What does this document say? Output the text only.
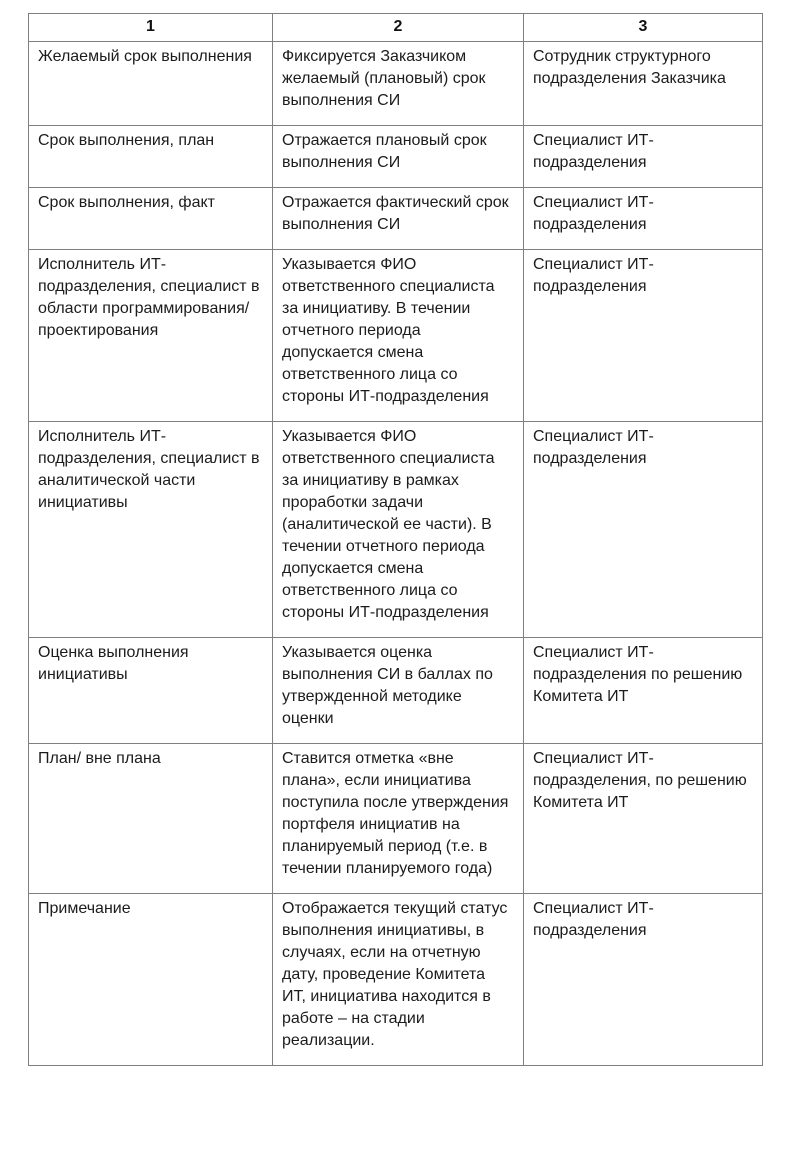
1	2	3
Желаемый срок выполнения	Фиксируется Заказчиком желаемый (плановый) срок выполнения СИ	Сотрудник структурного подразделения Заказчика
Срок выполнения, план	Отражается плановый срок выполнения СИ	Специалист ИТ-подразделения
Срок выполнения, факт	Отражается фактический срок выполнения СИ	Специалист ИТ-подразделения
Исполнитель ИТ-подразделения, специалист в области программирования/ проектирования	Указывается ФИО ответственного специалиста за инициативу. В течении отчетного периода допускается смена ответственного лица со стороны ИТ-подразделения	Специалист ИТ-подразделения
Исполнитель ИТ-подразделения, специалист в аналитической части инициативы	Указывается ФИО ответственного специалиста за инициативу в рамках проработки задачи (аналитической ее части). В течении отчетного периода допускается смена ответственного лица со стороны ИТ-подразделения	Специалист ИТ-подразделения
Оценка выполнения инициативы	Указывается оценка выполнения СИ в баллах по утвержденной методике оценки	Специалист ИТ-подразделения по решению Комитета ИТ
План/ вне плана	Ставится отметка «вне плана», если инициатива поступила после утверждения портфеля инициатив на планируемый период (т.е. в течении планируемого года)	Специалист ИТ-подразделения, по решению Комитета ИТ
Примечание	Отображается текущий статус выполнения инициативы, в случаях, если на отчетную дату, проведение Комитета ИТ, инициатива находится в работе – на стадии реализации.	Специалист ИТ-подразделения
